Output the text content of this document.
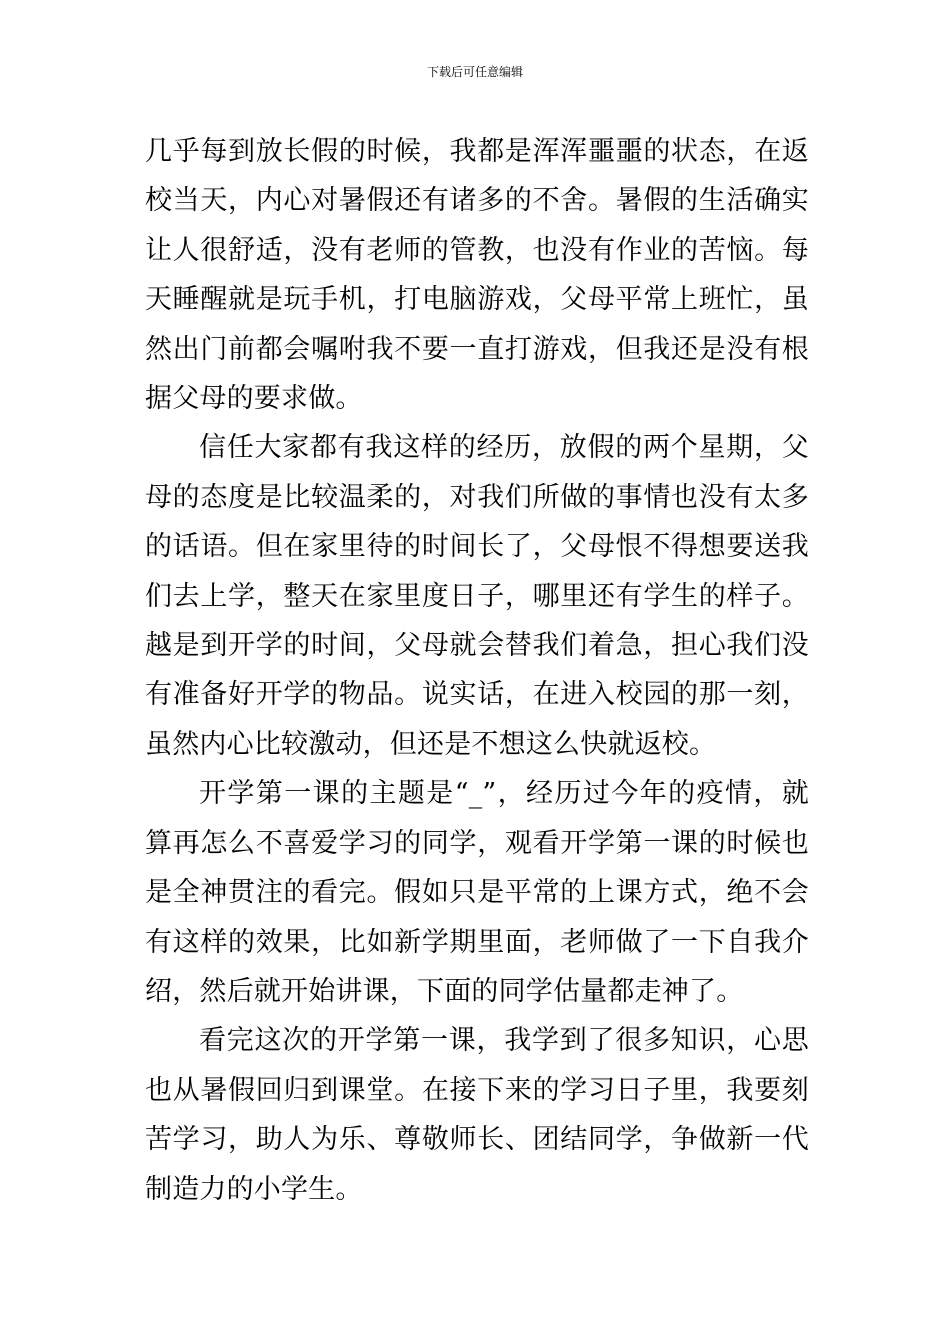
下载后可任意编辑

几乎每到放长假的时候，我都是浑浑噩噩的状态，在返校当天，内心对暑假还有诸多的不舍。暑假的生活确实让人很舒适，没有老师的管教，也没有作业的苦恼。每天睡醒就是玩手机，打电脑游戏，父母平常上班忙，虽然出门前都会嘱咐我不要一直打游戏，但我还是没有根据父母的要求做。

信任大家都有我这样的经历，放假的两个星期，父母的态度是比较温柔的，对我们所做的事情也没有太多的话语。但在家里待的时间长了，父母恨不得想要送我们去上学，整天在家里度日子，哪里还有学生的样子。越是到开学的时间，父母就会替我们着急，担心我们没有准备好开学的物品。说实话，在进入校园的那一刻，虽然内心比较激动，但还是不想这么快就返校。

开学第一课的主题是“_”，经历过今年的疫情，就算再怎么不喜爱学习的同学，观看开学第一课的时候也是全神贯注的看完。假如只是平常的上课方式，绝不会有这样的效果，比如新学期里面，老师做了一下自我介绍，然后就开始讲课，下面的同学估量都走神了。

看完这次的开学第一课，我学到了很多知识，心思也从暑假回归到课堂。在接下来的学习日子里，我要刻苦学习，助人为乐、尊敬师长、团结同学，争做新一代制造力的小学生。
